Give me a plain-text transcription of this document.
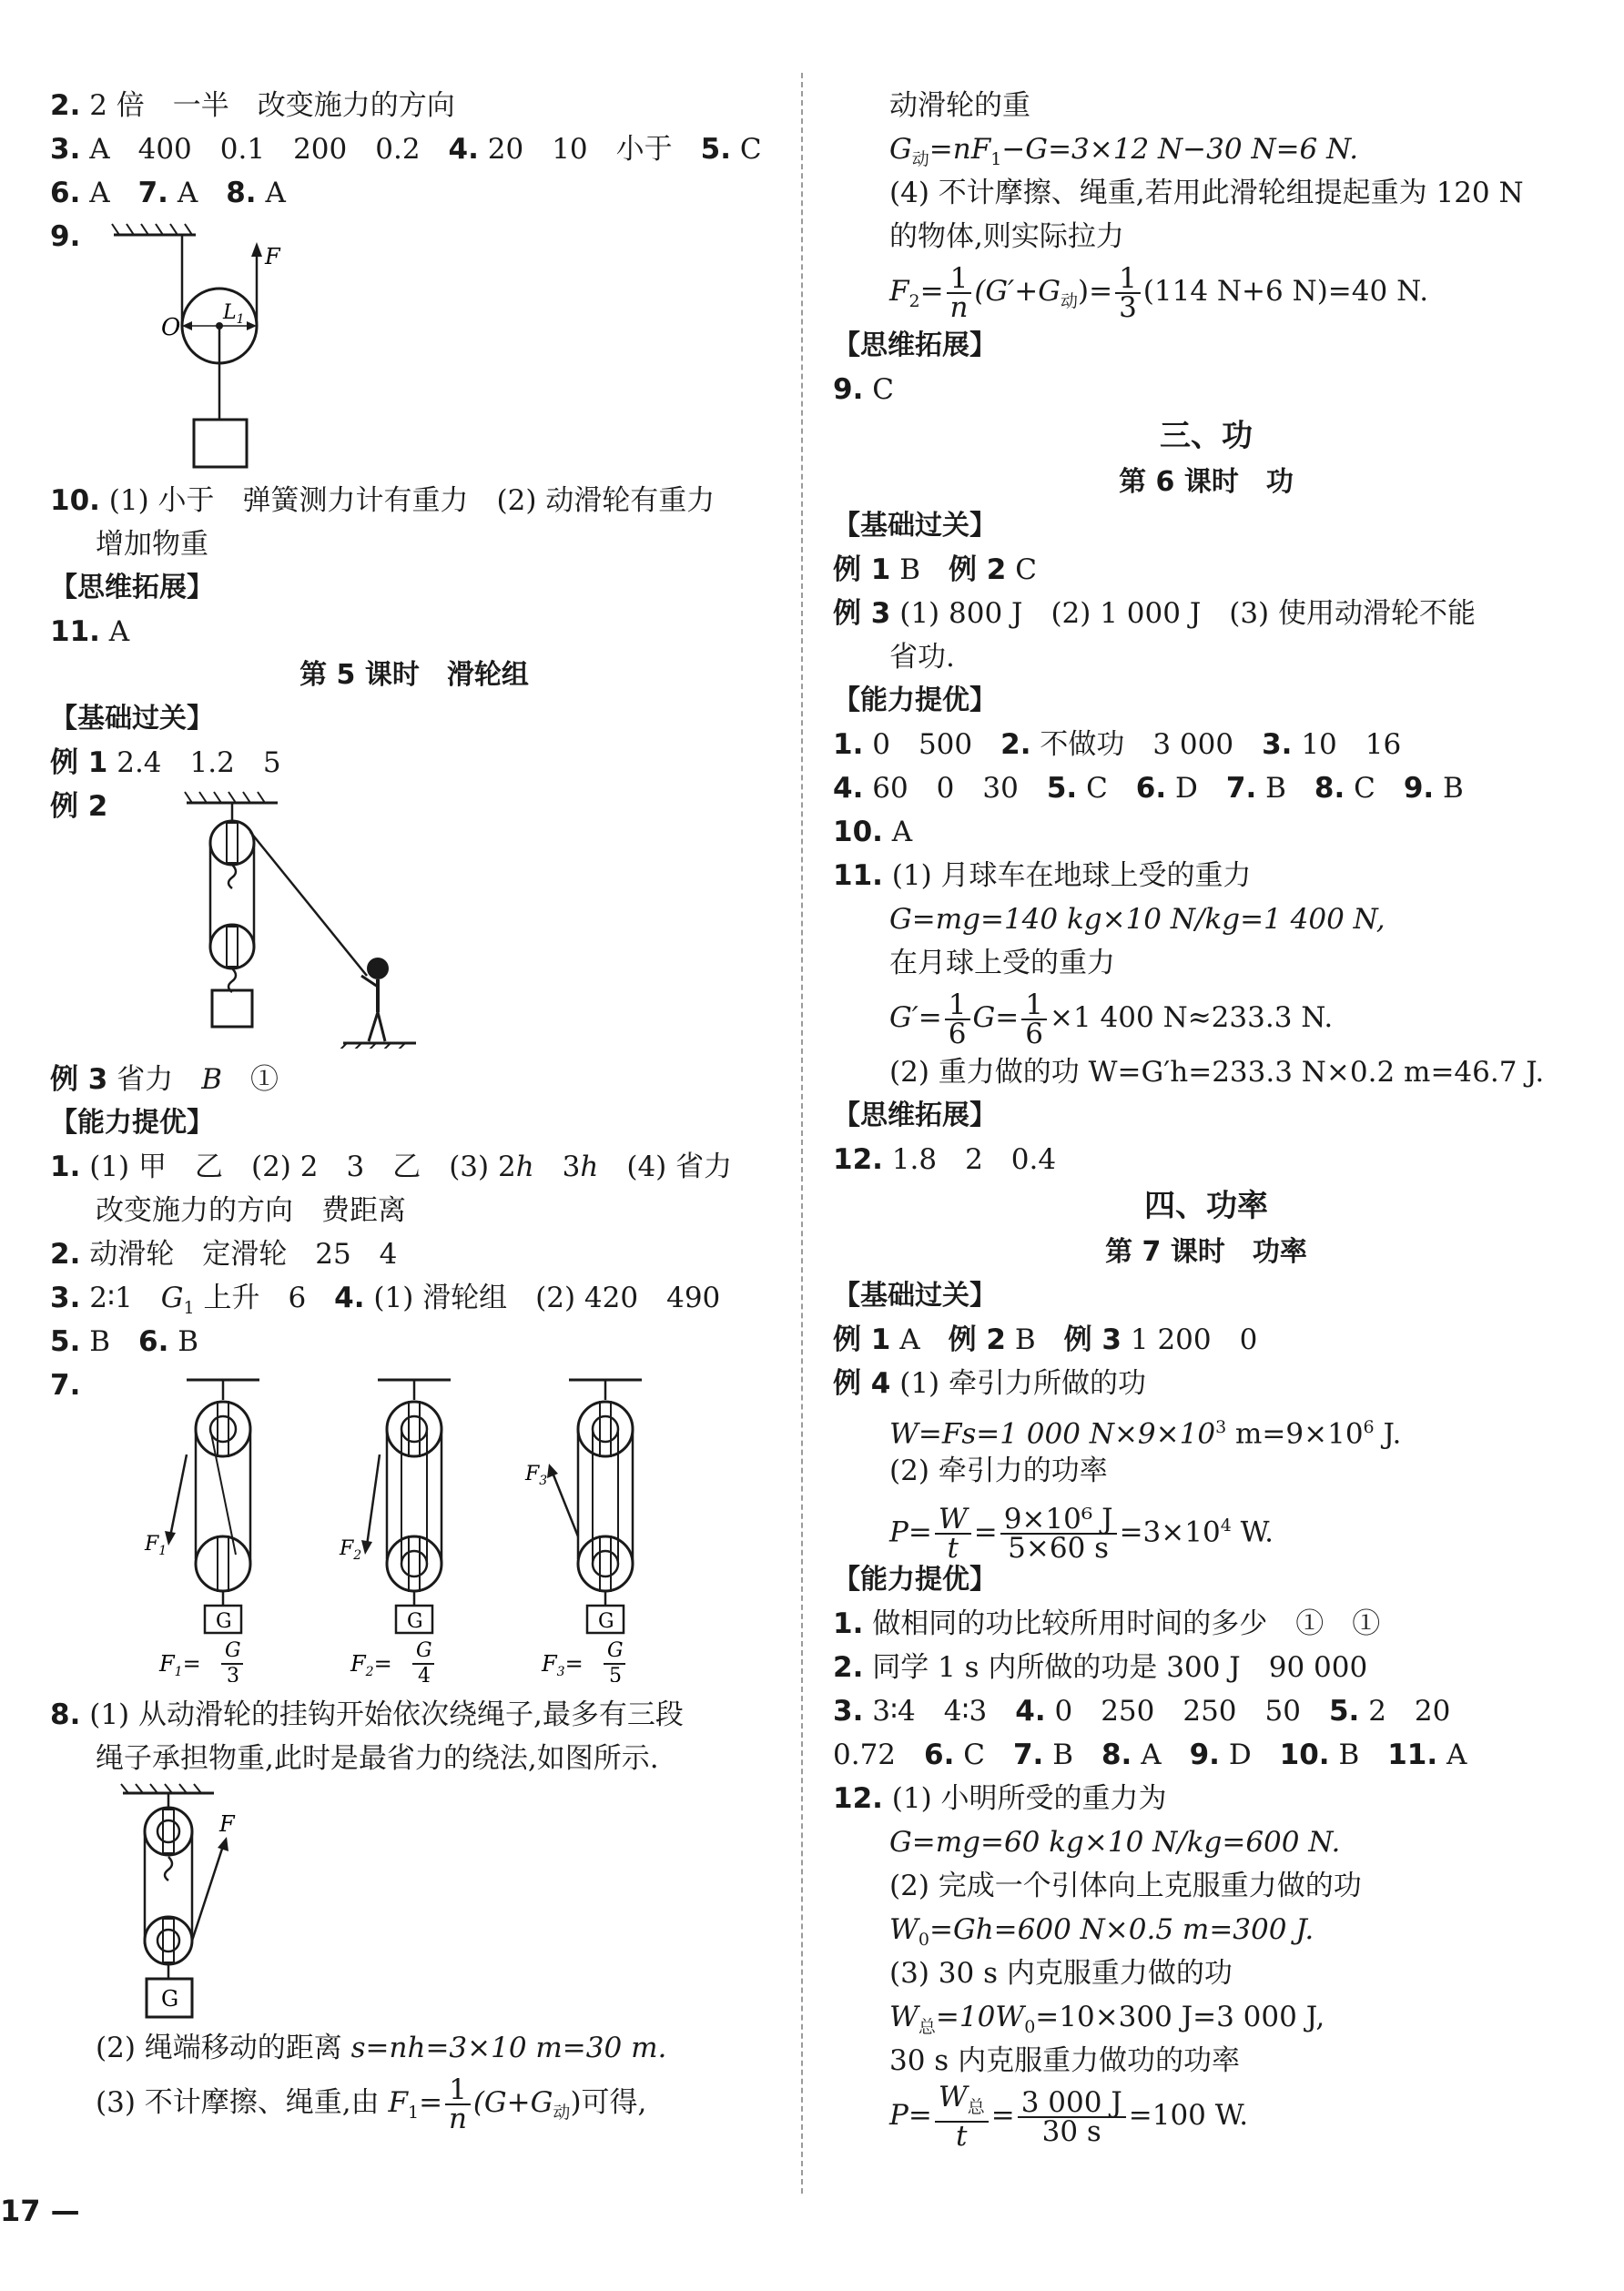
2. 2 倍　一半　改变施力的方向
3. A　400　0.1　200　0.2　 4. 20　10　小于　 5. C
6. A　 7. A　 8. A
9.
O
$L_1$
F
10. (1) 小于　弹簧测力计有重力　(2) 动滑轮有重力
增加物重
【思维拓展】
11. A
第 5 课时　滑轮组
【基础过关】
例 1 2.4　1.2　5
例 2
例 3 省力　B　①
【能力提优】
1. (1) 甲　乙　(2) 2　3　乙　(3) 2h　3h　(4) 省力
改变施力的方向　费距离
2. 动滑轮　定滑轮　25　4
3. 2∶1　$G_1$ 上升　6　 4. (1) 滑轮组　(2) 420　490
5. B　 6. B
7.
G
$F_1$
$F_1=$
G
3
G
$F_2$
$F_2=$
G
4
G
$F_3$
$F_3=$
G
5
8. (1) 从动滑轮的挂钩开始依次绕绳子,最多有三段
绳子承担物重,此时是最省力的绕法,如图所示.
F
G
(2) 绳端移动的距离 s=nh=3×10 m=30 m.
(3) 不计摩擦、绳重,由 $F_1= \frac{1}{n} (G+G_动)$可得,
动滑轮的重
$G_动=nF_1-G=3\times 12$ N−30 N=6 N.
(4) 不计摩擦、绳重,若用此滑轮组提起重为 120 N
的物体,则实际拉力
$F_2= \frac{1}{n} (G'+G_动)= \frac{1}{3} (114$ N+6 N)=40 N.
【思维拓展】
9. C
三、功
第 6 课时　功
【基础过关】
例 1 B　 例 2 C
例 3 (1) 800 J　(2) 1 000 J　(3) 使用动滑轮不能
省功.
【能力提优】
1. 0　500　 2. 不做功　3 000　 3. 10　16
4. 60　0　30　 5. C　 6. D　 7. B　 8. C　 9. B
10. A
11. (1) 月球车在地球上受的重力
G=mg=140 kg×10 N/kg=1 400 N,
在月球上受的重力
$G'= \frac{1}{6} G= \frac{1}{6} \times 1$ 400 N≈233.3 N.
(2) 重力做的功 W=G′h=233.3 N×0.2 m=46.7 J.
【思维拓展】
12. 1.8　2　0.4
四、功率
第 7 课时　功率
【基础过关】
例 1 A　 例 2 B　 例 3 1 200　0
例 4 (1) 牵引力所做的功
W=Fs=1 000 $N\times 9\times 10^3$ $m=9\times 10^6$ J.
(2) 牵引力的功率
$P= \frac{W}{t} = \frac{\text{9×10⁶ J}}{5\times 60 s} =3\times 10^4$ W.
【能力提优】
1. 做相同的功比较所用时间的多少　①　①
2. 同学 1 s 内所做的功是 300 J　90 000
3. 3∶4　4∶3　 4. 0　250　250　50　 5. 2　20
0.72　 6. C　 7. B　 8. A　 9. D　 10. B　 11. A
12. (1) 小明所受的重力为
G=mg=60 kg×10 N/kg=600 N.
(2) 完成一个引体向上克服重力做的功
$W_0=Gh=600$ N×0.5 m=300 J.
(3) 30 s 内克服重力做的功
$W_总=10W_0=10\times 300$ J=3 000 J,
30 s 内克服重力做功的功率
P=
$W_总$
t
= $\frac{3 000 J}{30 s} =100$ W.
17 —
